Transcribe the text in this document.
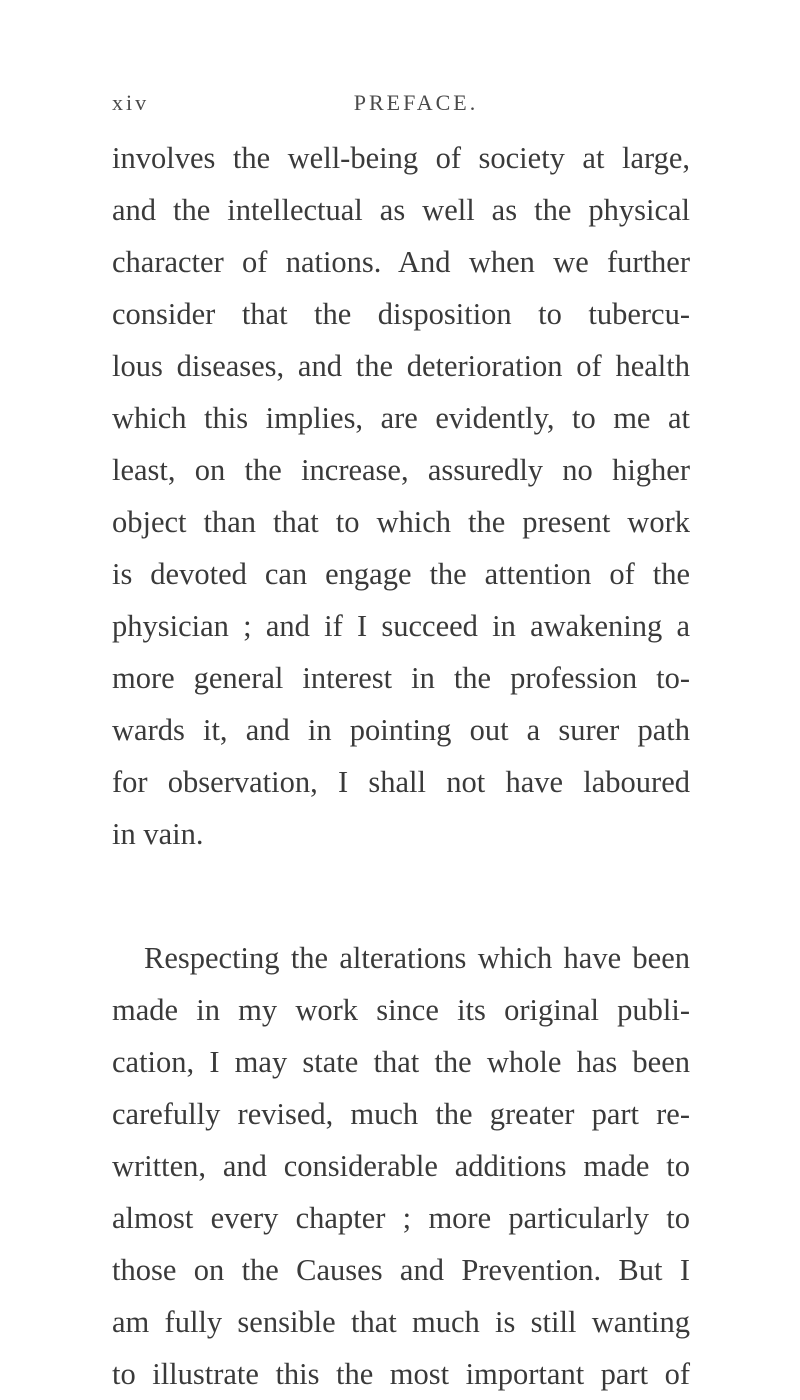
xiv	PREFACE.
involves the well-being of society at large,
and the intellectual as well as the physical
character of nations. And when we further
consider that the disposition to tubercu-
lous diseases, and the deterioration of health
which this implies, are evidently, to me at
least, on the increase, assuredly no higher
object than that to which the present work
is devoted can engage the attention of the
physician ; and if I succeed in awakening a
more general interest in the profession to-
wards it, and in pointing out a surer path
for observation, I shall not have laboured
in vain.
Respecting the alterations which have been
made in my work since its original publi-
cation, I may state that the whole has been
carefully revised, much the greater part re-
written, and considerable additions made to
almost every chapter ; more particularly to
those on the Causes and Prevention. But I
am fully sensible that much is still wanting
to illustrate this the most important part of
